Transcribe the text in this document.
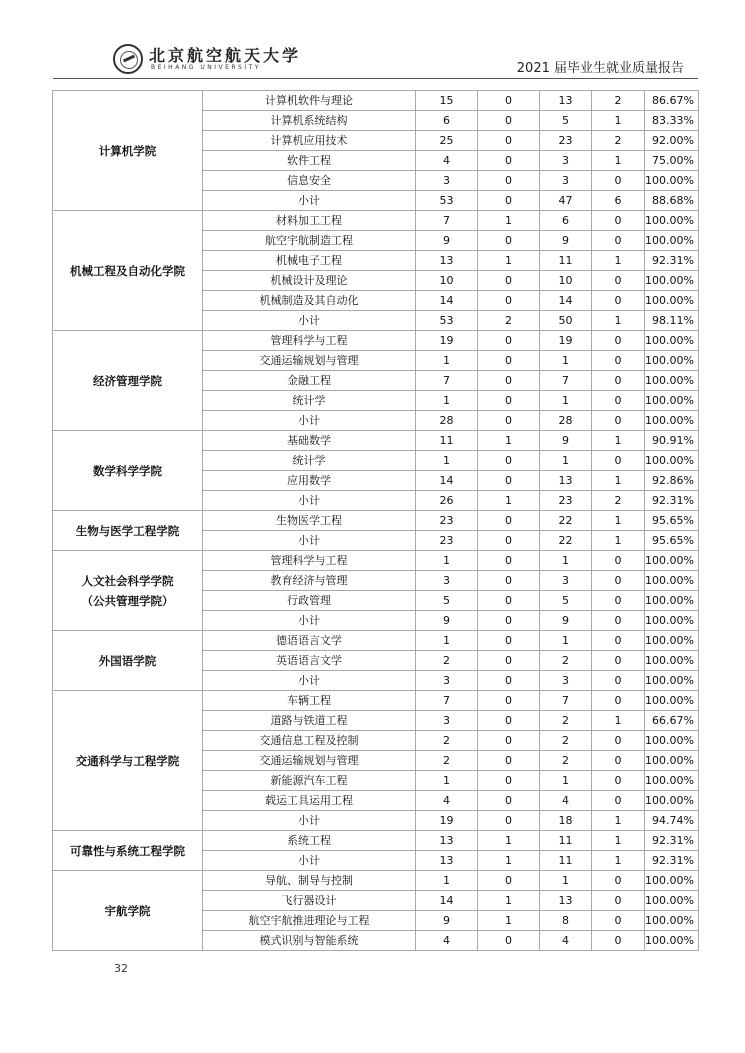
北京航空航天大学
BEIHANG UNIVERSITY	2021 届毕业生就业质量报告
计算机学院	计算机软件与理论	15	0	13	2	86.67%
	计算机系统结构	6	0	5	1	83.33%
	计算机应用技术	25	0	23	2	92.00%
	软件工程	4	0	3	1	75.00%
	信息安全	3	0	3	0	100.00%
	小计	53	0	47	6	88.68%

机械工程及自动化学院	材料加工工程	7	1	6	0	100.00%
	航空宇航制造工程	9	0	9	0	100.00%
	机械电子工程	13	1	11	1	92.31%
	机械设计及理论	10	0	10	0	100.00%
	机械制造及其自动化	14	0	14	0	100.00%
	小计	53	2	50	1	98.11%

经济管理学院	管理科学与工程	19	0	19	0	100.00%
	交通运输规划与管理	1	0	1	0	100.00%
	金融工程	7	0	7	0	100.00%
	统计学	1	0	1	0	100.00%
	小计	28	0	28	0	100.00%

数学科学学院	基础数学	11	1	9	1	90.91%
	统计学	1	0	1	0	100.00%
	应用数学	14	0	13	1	92.86%
	小计	26	1	23	2	92.31%

生物与医学工程学院	生物医学工程	23	0	22	1	95.65%
	小计	23	0	22	1	95.65%

人文社会科学学院
（公共管理学院）	管理科学与工程	1	0	1	0	100.00%
	教育经济与管理	3	0	3	0	100.00%
	行政管理	5	0	5	0	100.00%
	小计	9	0	9	0	100.00%

外国语学院	德语语言文学	1	0	1	0	100.00%
	英语语言文学	2	0	2	0	100.00%
	小计	3	0	3	0	100.00%

交通科学与工程学院	车辆工程	7	0	7	0	100.00%
	道路与铁道工程	3	0	2	1	66.67%
	交通信息工程及控制	2	0	2	0	100.00%
	交通运输规划与管理	2	0	2	0	100.00%
	新能源汽车工程	1	0	1	0	100.00%
	载运工具运用工程	4	0	4	0	100.00%
	小计	19	0	18	1	94.74%

可靠性与系统工程学院	系统工程	13	1	11	1	92.31%
	小计	13	1	11	1	92.31%

宇航学院	导航、制导与控制	1	0	1	0	100.00%
	飞行器设计	14	1	13	0	100.00%
	航空宇航推进理论与工程	9	1	8	0	100.00%
	模式识别与智能系统	4	0	4	0	100.00%
32
